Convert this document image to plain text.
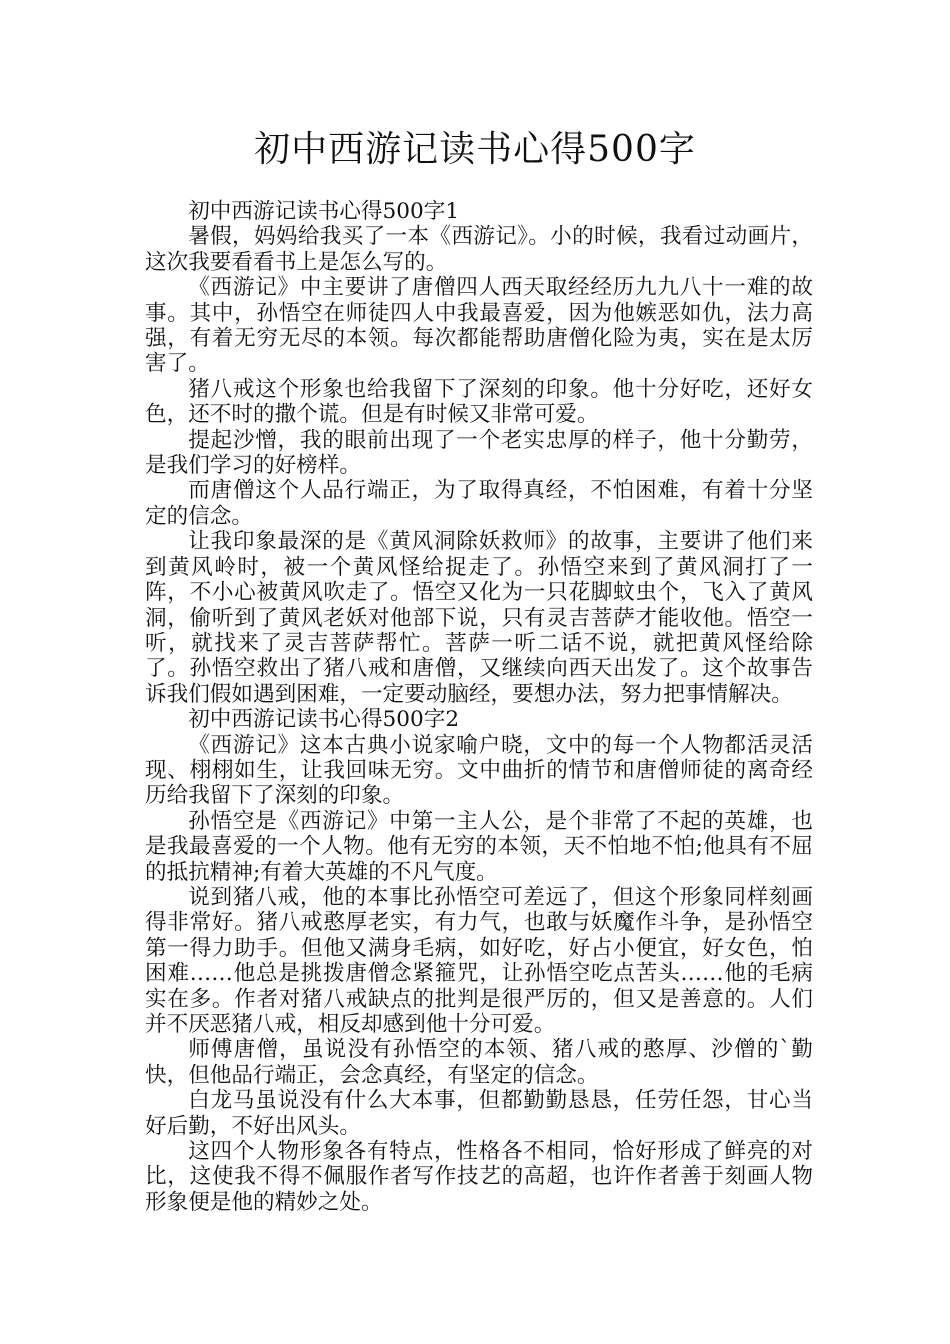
初中西游记读书心得500字

初中西游记读书心得500字1

暑假，妈妈给我买了一本《西游记》。小的时候，我看过动画片，这次我要看看书上是怎么写的。

《西游记》中主要讲了唐僧四人西天取经经历九九八十一难的故事。其中，孙悟空在师徒四人中我最喜爱，因为他嫉恶如仇，法力高强，有着无穷无尽的本领。每次都能帮助唐僧化险为夷，实在是太厉害了。

猪八戒这个形象也给我留下了深刻的印象。他十分好吃，还好女色，还不时的撒个谎。但是有时候又非常可爱。

提起沙憎，我的眼前出现了一个老实忠厚的样子，他十分勤劳，是我们学习的好榜样。

而唐僧这个人品行端正，为了取得真经，不怕困难，有着十分坚定的信念。

让我印象最深的是《黄风洞除妖救师》的故事，主要讲了他们来到黄风岭时，被一个黄风怪给捉走了。孙悟空来到了黄风洞打了一阵，不小心被黄风吹走了。悟空又化为一只花脚蚊虫个，飞入了黄风洞，偷听到了黄风老妖对他部下说，只有灵吉菩萨才能收他。悟空一听，就找来了灵吉菩萨帮忙。菩萨一听二话不说，就把黄风怪给除了。孙悟空救出了猪八戒和唐僧，又继续向西天出发了。这个故事告诉我们假如遇到困难，一定要动脑经，要想办法，努力把事情解决。

初中西游记读书心得500字2

《西游记》这本古典小说家喻户晓，文中的每一个人物都活灵活现、栩栩如生，让我回味无穷。文中曲折的情节和唐僧师徒的离奇经历给我留下了深刻的印象。

孙悟空是《西游记》中第一主人公，是个非常了不起的英雄，也是我最喜爱的一个人物。他有无穷的本领，天不怕地不怕;他具有不屈的抵抗精神;有着大英雄的不凡气度。

说到猪八戒，他的本事比孙悟空可差远了，但这个形象同样刻画得非常好。猪八戒憨厚老实，有力气，也敢与妖魔作斗争，是孙悟空第一得力助手。但他又满身毛病，如好吃，好占小便宜，好女色，怕困难……他总是挑拨唐僧念紧箍咒，让孙悟空吃点苦头……他的毛病实在多。作者对猪八戒缺点的批判是很严厉的，但又是善意的。人们并不厌恶猪八戒，相反却感到他十分可爱。

师傅唐僧，虽说没有孙悟空的本领、猪八戒的憨厚、沙僧的`勤快，但他品行端正，会念真经，有坚定的信念。

白龙马虽说没有什么大本事，但都勤勤恳恳，任劳任怨，甘心当好后勤，不好出风头。

这四个人物形象各有特点，性格各不相同，恰好形成了鲜亮的对比，这使我不得不佩服作者写作技艺的高超，也许作者善于刻画人物形象便是他的精妙之处。
